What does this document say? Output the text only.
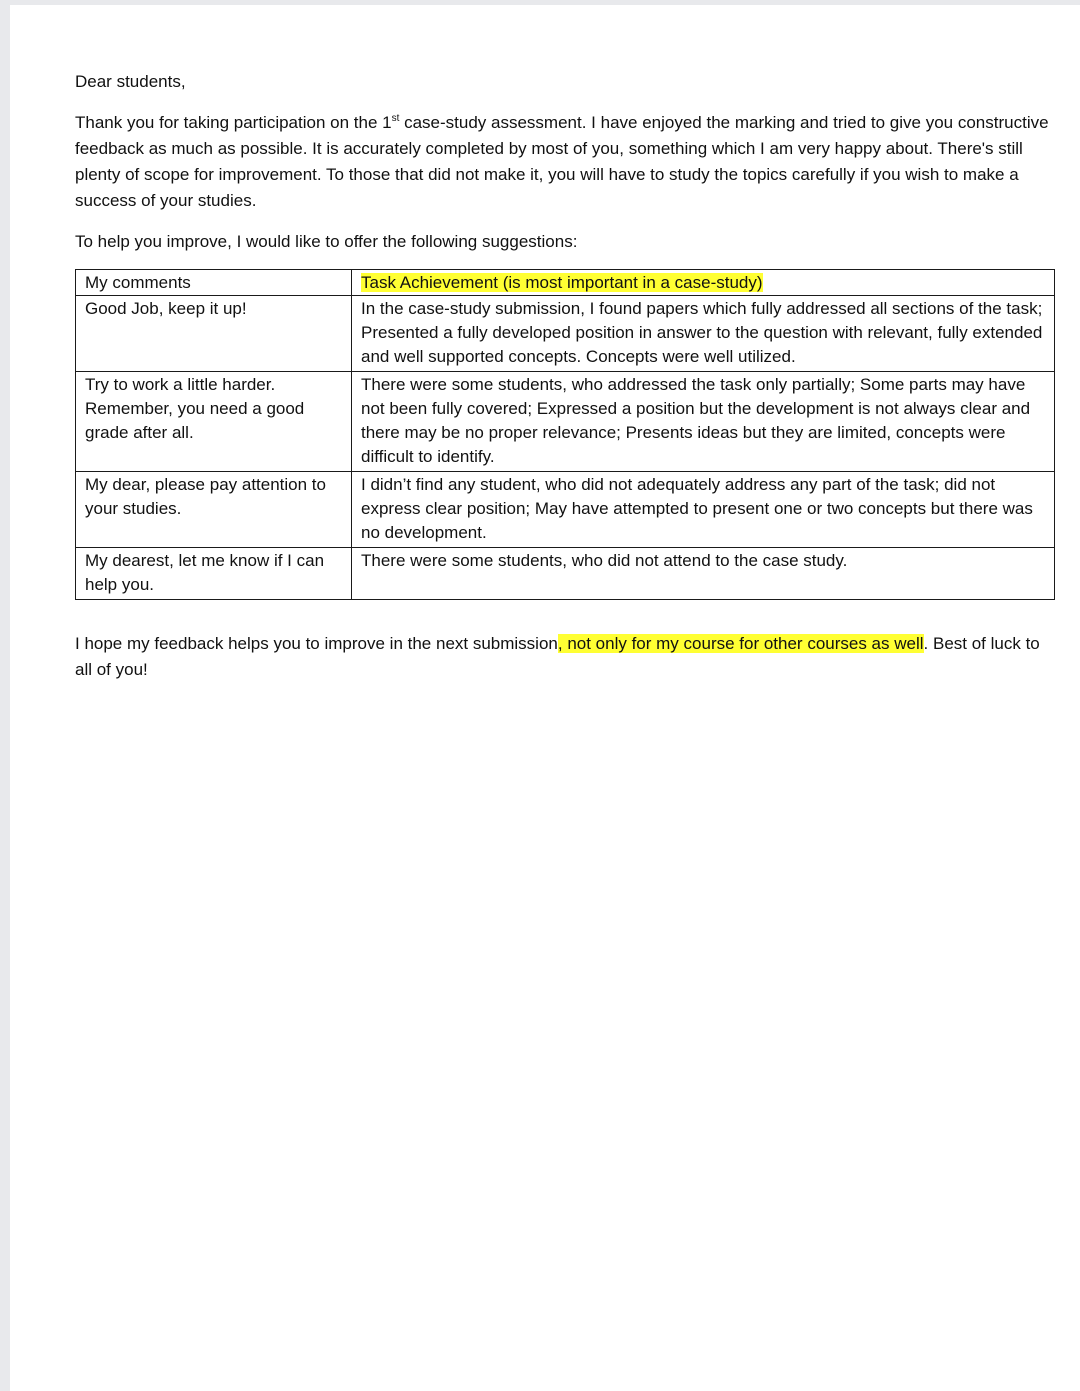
Dear students,

Thank you for taking participation on the 1st case-study assessment. I have enjoyed the marking and tried to give you constructive feedback as much as possible. It is accurately completed by most of you, something which I am very happy about. There's still plenty of scope for improvement. To those that did not make it, you will have to study the topics carefully if you wish to make a success of your studies.

To help you improve, I would like to offer the following suggestions:

My comments	Task Achievement (is most important in a case-study)
Good Job, keep it up!	In the case-study submission, I found papers which fully addressed all sections of the task; Presented a fully developed position in answer to the question with relevant, fully extended and well supported concepts. Concepts were well utilized.
Try to work a little harder. Remember, you need a good grade after all.	There were some students, who addressed the task only partially; Some parts may have not been fully covered; Expressed a position but the development is not always clear and there may be no proper relevance; Presents ideas but they are limited, concepts were difficult to identify.
My dear, please pay attention to your studies.	I didn’t find any student, who did not adequately address any part of the task; did not express clear position; May have attempted to present one or two concepts but there was no development.
My dearest, let me know if I can help you.	There were some students, who did not attend to the case study.

I hope my feedback helps you to improve in the next submission, not only for my course for other courses as well. Best of luck to all of you!
